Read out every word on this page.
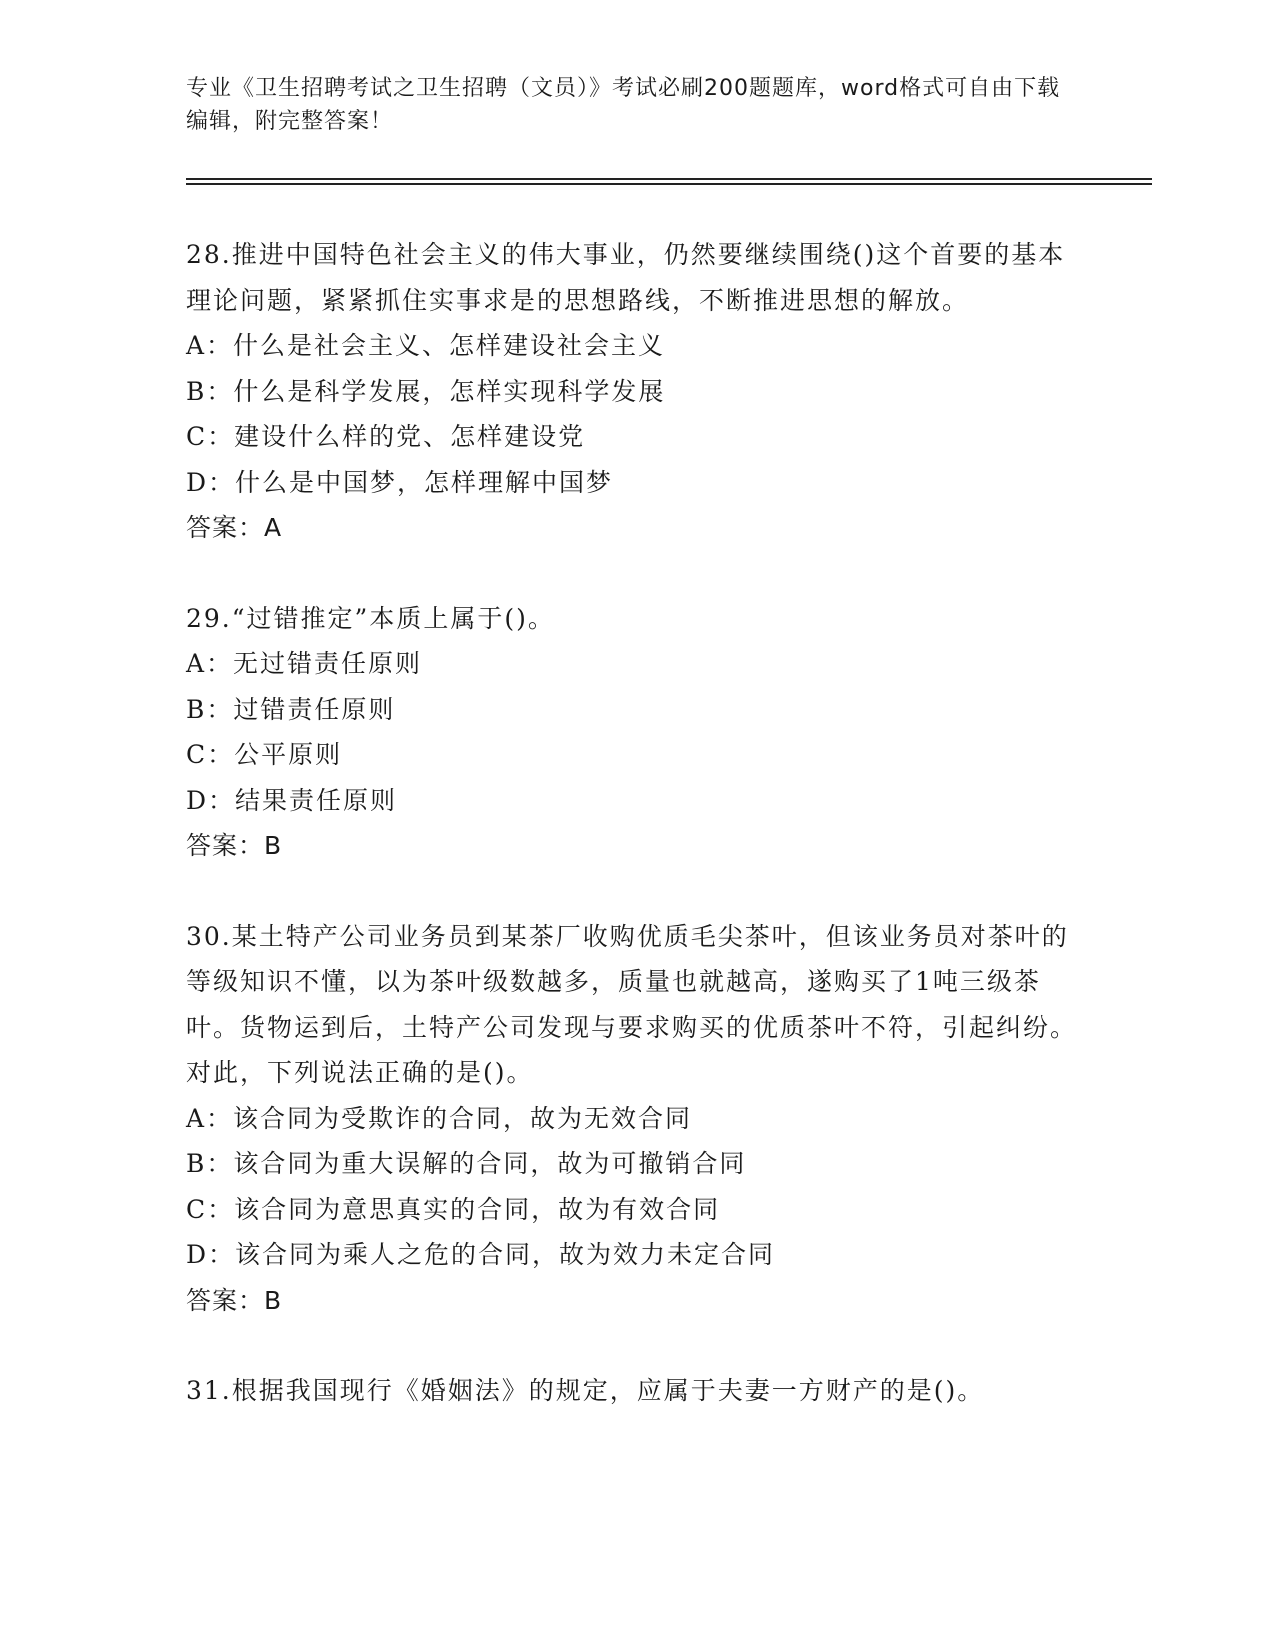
专业《卫生招聘考试之卫生招聘（文员）》考试必刷200题题库，word格式可自由下载编辑，附完整答案！

28.推进中国特色社会主义的伟大事业，仍然要继续围绕()这个首要的基本理论问题，紧紧抓住实事求是的思想路线，不断推进思想的解放。

A：什么是社会主义、怎样建设社会主义

B：什么是科学发展，怎样实现科学发展

C：建设什么样的党、怎样建设党

D：什么是中国梦，怎样理解中国梦

答案：A

29.“过错推定”本质上属于()。

A：无过错责任原则

B：过错责任原则

C：公平原则

D：结果责任原则

答案：B

30.某土特产公司业务员到某茶厂收购优质毛尖茶叶，但该业务员对茶叶的等级知识不懂，以为茶叶级数越多，质量也就越高，遂购买了1吨三级茶叶。货物运到后，土特产公司发现与要求购买的优质茶叶不符，引起纠纷。对此，下列说法正确的是()。

A：该合同为受欺诈的合同，故为无效合同

B：该合同为重大误解的合同，故为可撤销合同

C：该合同为意思真实的合同，故为有效合同

D：该合同为乘人之危的合同，故为效力未定合同

答案：B

31.根据我国现行《婚姻法》的规定，应属于夫妻一方财产的是()。
